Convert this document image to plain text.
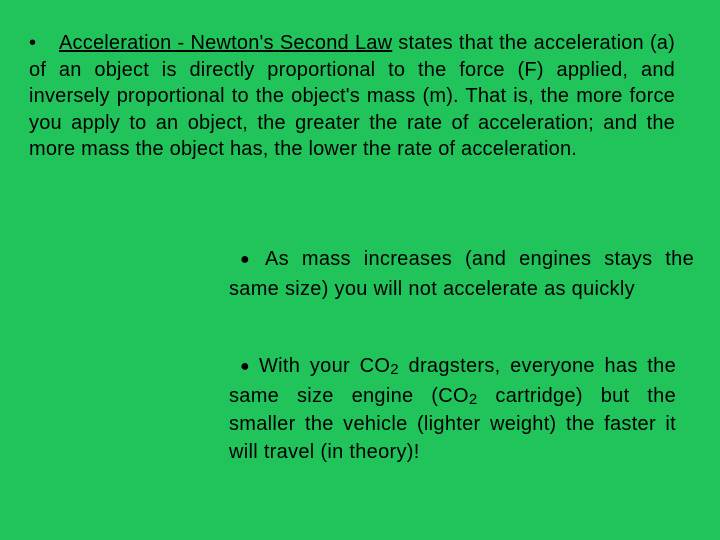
• Acceleration - Newton's Second Law states that the acceleration (a) of an object is directly proportional to the force (F) applied, and inversely proportional to the object's mass (m). That is, the more force you apply to an object, the greater the rate of acceleration; and the more mass the object has, the lower the rate of acceleration.

● As mass increases (and engines stays the same size) you will not accelerate as quickly

● With your $CO_2$ dragsters, everyone has the same size engine ($CO_2$ cartridge) but the smaller the vehicle (lighter weight) the faster it will travel (in theory)!
